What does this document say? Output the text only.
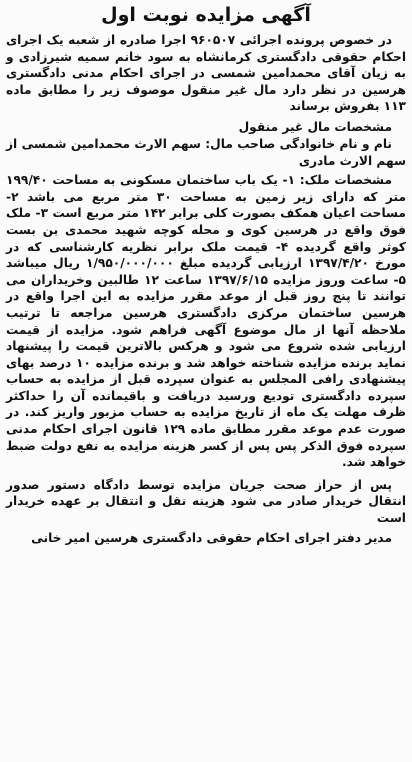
آگهی مزایده نوبت اول

در خصوص پرونده اجرائی ۹۶۰۵۰۷ اجرا صادره از شعبه یک اجرای احکام حقوقی دادگستری کرمانشاه به سود خانم سمیه شیرزادی و به زیان آقای محمدامین شمسی در اجرای احکام مدنی دادگستری هرسین در نظر دارد مال غیر منقول موصوف زیر را مطابق ماده ۱۱۳ بفروش برساند

مشخصات مال غیر منقول

نام و نام خانوادگی صاحب مال: سهم الارث محمدامین شمسی از سهم الارث مادری

مشخصات ملک: ۱- یک باب ساختمان مسکونی به مساحت ۱۹۹/۴۰ متر که دارای زیر زمین به مساحت ۳۰ متر مربع می باشد ۲- مساحت اعیان همکف بصورت کلی برابر ۱۴۲ متر مربع است ۳- ملک فوق واقع در هرسین کوی و محله کوچه شهید محمدی بن بست کوثر واقع گردیده ۴- قیمت ملک برابر نظریه کارشناسی که در مورخ ۱۳۹۷/۴/۲۰ ارزیابی گردیده مبلغ ۱/۹۵۰/۰۰۰/۰۰۰ ریال میباشد ۵- ساعت وروز مزایده ۱۳۹۷/۶/۱۵ ساعت ۱۲ طالبین وخریداران می توانند تا پنج روز قبل از موعد مقرر مزایده به این اجرا واقع در هرسین ساختمان مرکزی دادگستری هرسین مراجعه تا ترتیب ملاحظه آنها از مال موضوع آگهی فراهم شود. مزایده از قیمت ارزیابی شده شروع می شود و هرکس بالاترین قیمت را پیشنهاد نماید برنده مزایده شناخته خواهد شد و برنده مزایده ۱۰ درصد بهای پیشنهادی رافی المجلس به عنوان سپرده قبل از مزایده به حساب سپرده دادگستری تودیع ورسید دریافت و باقیمانده آن را حداکثر ظرف مهلت یک ماه از تاریخ مزایده به حساب مزبور واریز کند. در صورت عدم موعد مقرر مطابق ماده ۱۲۹ قانون اجرای احکام مدنی سپرده فوق الذکر پس پس از کسر هزینه مزایده به نفع دولت ضبط خواهد شد.

پس از حراز صحت جریان مزایده توسط دادگاه دستور صدور انتقال خریدار صادر می شود هزینه نقل و انتقال بر عهده خریدار است

مدیر دفتر اجرای احکام حقوقی دادگستری هرسین امیر خانی
